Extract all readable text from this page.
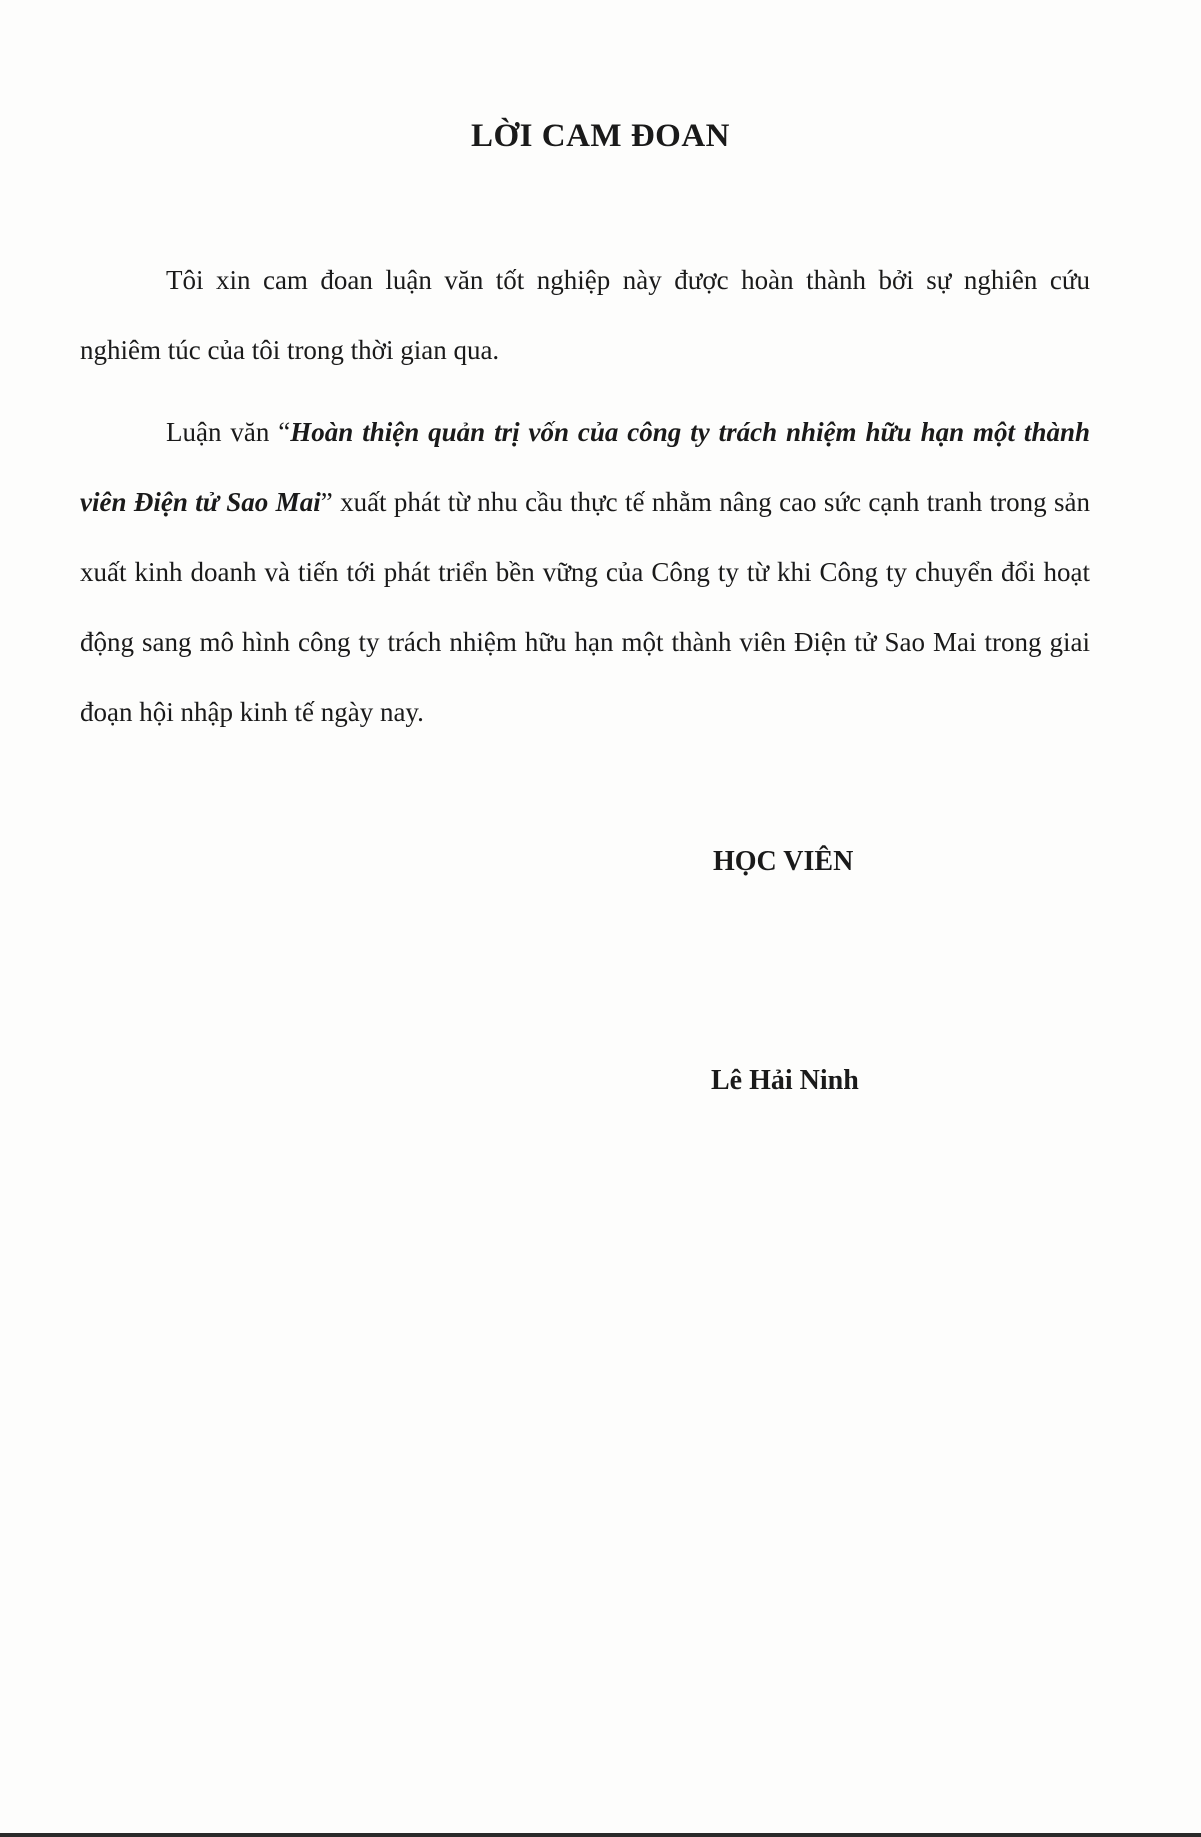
LỜI CAM ĐOAN

Tôi xin cam đoan luận văn tốt nghiệp này được hoàn thành bởi sự nghiên cứu nghiêm túc của tôi trong thời gian qua.

Luận văn “Hoàn thiện quản trị vốn của công ty trách nhiệm hữu hạn một thành viên Điện tử Sao Mai” xuất phát từ nhu cầu thực tế nhằm nâng cao sức cạnh tranh trong sản xuất kinh doanh và tiến tới phát triển bền vững của Công ty từ khi Công ty chuyển đổi hoạt động sang mô hình công ty trách nhiệm hữu hạn một thành viên Điện tử Sao Mai trong giai đoạn hội nhập kinh tế ngày nay.

HỌC VIÊN
Lê Hải Ninh
